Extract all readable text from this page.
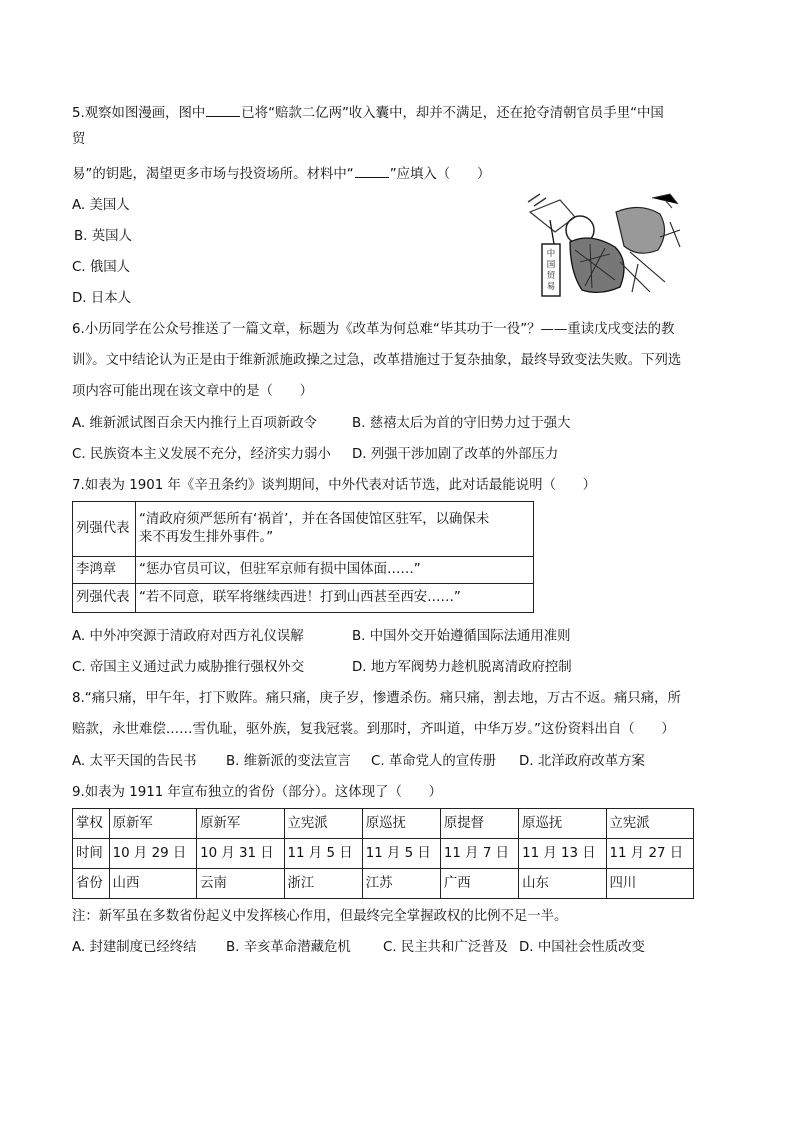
5.观察如图漫画，图中	已将“赔款二亿两”收入囊中，却并不满足，还在抢夺清朝官员手里“中国
贸
易”的钥匙，渴望更多市场与投资场所。材料中“	”应填入（　　）
A. 美国人
B. 英国人
C. 俄国人
D. 日本人
中
国
贸
易
6.小历同学在公众号推送了一篇文章，标题为《改革为何总难“毕其功于一役”？——重读戊戌变法的教
训》。文中结论认为正是由于维新派施政操之过急，改革措施过于复杂抽象，最终导致变法失败。下列选
项内容可能出现在该文章中的是（　　）
A. 维新派试图百余天内推行上百项新政令	B. 慈禧太后为首的守旧势力过于强大
C. 民族资本主义发展不充分，经济实力弱小 D. 列强干涉加剧了改革的外部压力
7.如表为 1901 年《辛丑条约》谈判期间，中外代表对话节选，此对话最能说明（　　）
列强代表	“清政府须严惩所有‘祸首’，并在各国使馆区驻军，以确保未
来不再发生排外事件。”

李鸿章	“惩办官员可议，但驻军京师有损中国体面……”
列强代表	“若不同意，联军将继续西进！打到山西甚至西安……”
A. 中外冲突源于清政府对西方礼仪误解	B. 中国外交开始遵循国际法通用准则
C. 帝国主义通过武力威胁推行强权外交	D. 地方军阀势力趁机脱离清政府控制
8.“痛只痛，甲午年，打下败阵。痛只痛，庚子岁，惨遭杀伤。痛只痛，割去地，万古不返。痛只痛，所
赔款，永世难偿……雪仇耻，驱外族，复我冠裳。到那时，齐叫道，中华万岁。”这份资料出自（　　）
A. 太平天国的告民书 B. 维新派的变法宣言 C. 革命党人的宣传册 D. 北洋政府改革方案
9.如表为 1911 年宣布独立的省份（部分）。这体现了（　　）
掌权	原新军	原新军	立宪派	原巡抚	原提督	原巡抚	立宪派
时间	10 月 29 日	10 月 31 日	11 月 5 日	11 月 5 日	11 月 7 日	11 月 13 日	11 月 27 日
省份	山西	云南	浙江	江苏	广西	山东	四川
注：新军虽在多数省份起义中发挥核心作用，但最终完全掌握政权的比例不足一半。
A. 封建制度已经终结 B. 辛亥革命潜藏危机 C. 民主共和广泛普及 D. 中国社会性质改变
